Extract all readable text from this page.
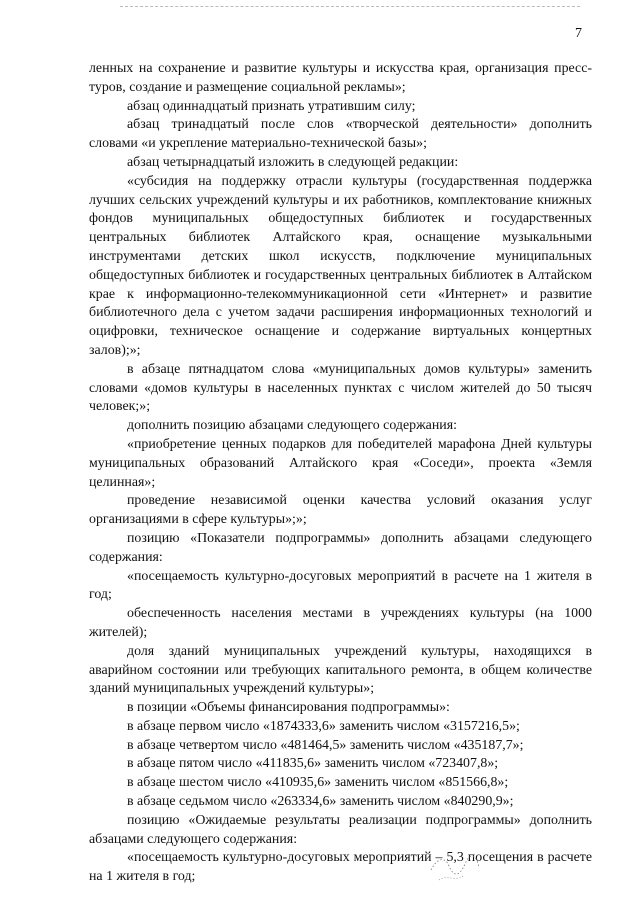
7

ленных на сохранение и развитие культуры и искусства края, организация пресс-туров, создание и размещение социальной рекламы»;

абзац одиннадцатый признать утратившим силу;

абзац тринадцатый после слов «творческой деятельности» дополнить словами «и укрепление материально-технической базы»;

абзац четырнадцатый изложить в следующей редакции:

«субсидия на поддержку отрасли культуры (государственная поддержка лучших сельских учреждений культуры и их работников, комплектование книжных фондов муниципальных общедоступных библиотек и государственных центральных библиотек Алтайского края, оснащение музыкальными инструментами детских школ искусств, подключение муниципальных общедоступных библиотек и государственных центральных библиотек в Алтайском крае к информационно-телекоммуникационной сети «Интернет» и развитие библиотечного дела с учетом задачи расширения информационных технологий и оцифровки, техническое оснащение и содержание виртуальных концертных залов);»;

в абзаце пятнадцатом слова «муниципальных домов культуры» заменить словами «домов культуры в населенных пунктах с числом жителей до 50 тысяч человек;»;

дополнить позицию абзацами следующего содержания:

«приобретение ценных подарков для победителей марафона Дней культуры муниципальных образований Алтайского края «Соседи», проекта «Земля целинная»;

проведение независимой оценки качества условий оказания услуг организациями в сфере культуры»;»;

позицию «Показатели подпрограммы» дополнить абзацами следующего содержания:

«посещаемость культурно-досуговых мероприятий в расчете на 1 жителя в год;

обеспеченность населения местами в учреждениях культуры (на 1000 жителей);

доля зданий муниципальных учреждений культуры, находящихся в аварийном состоянии или требующих капитального ремонта, в общем количестве зданий муниципальных учреждений культуры»;

в позиции «Объемы финансирования подпрограммы»:

в абзаце первом число «1874333,6» заменить числом «3157216,5»;

в абзаце четвертом число «481464,5» заменить числом «435187,7»;

в абзаце пятом число «411835,6» заменить числом «723407,8»;

в абзаце шестом число «410935,6» заменить числом «851566,8»;

в абзаце седьмом число «263334,6» заменить числом «840290,9»;

позицию «Ожидаемые результаты реализации подпрограммы» дополнить абзацами следующего содержания:

«посещаемость культурно-досуговых мероприятий – 5,3 посещения в расчете на 1 жителя в год;
